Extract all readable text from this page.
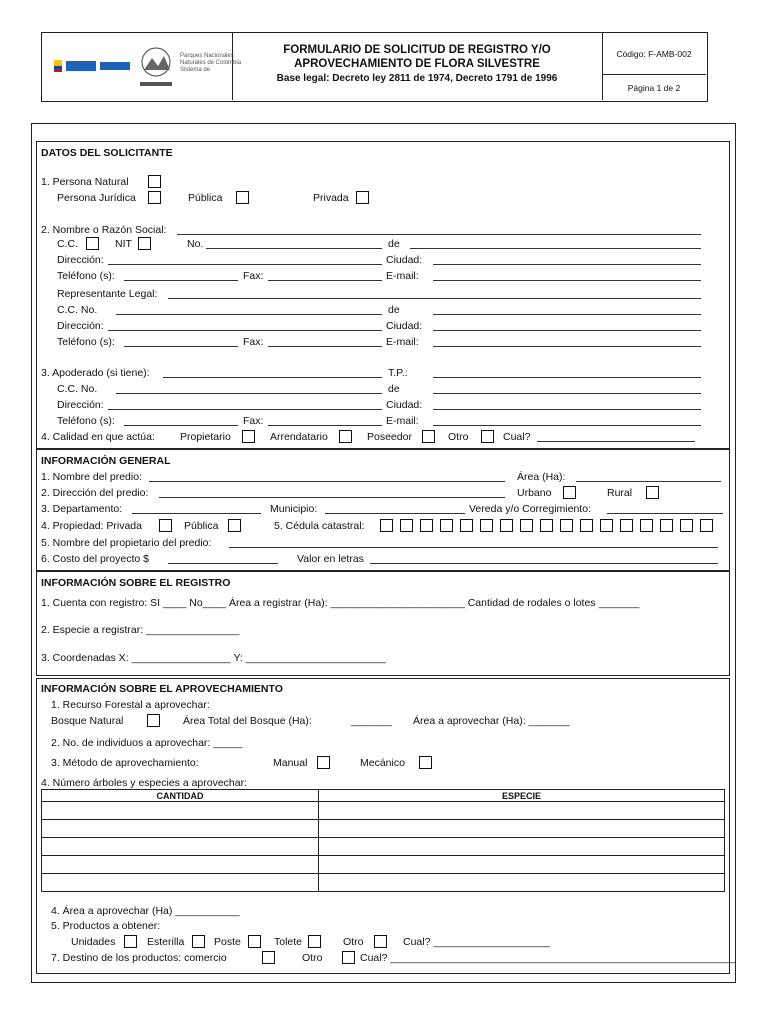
Parques Nacionales
Naturales de Colombia
Sistema de
FORMULARIO DE SOLICITUD DE REGISTRO Y/O
APROVECHAMIENTO DE FLORA SILVESTRE
Base legal: Decreto ley 2811 de 1974, Decreto 1791 de 1996
Código: F-AMB-002
Página 1 de 2
DATOS DEL SOLICITANTE
1. Persona Natural
Persona Jurídica	Pública	Privada
2. Nombre o Razón Social:
C.C.	NIT	No.	de
Dirección:	Ciudad:
Teléfono (s):	Fax:	E-mail:
Representante Legal:
C.C. No.	de
Dirección:	Ciudad:
Teléfono (s):	Fax:	E-mail:
3. Apoderado (si tiene):	T.P.:
C.C. No.	de
Dirección:	Ciudad:
Teléfono (s):	Fax:	E-mail:
4. Calidad en que actúa: Propietario	Arrendatario	Poseedor	Otro	Cual?
INFORMACIÓN GENERAL
1. Nombre del predio:	Área (Ha):
2. Dirección del predio:	Urbano	Rural
3. Departamento:	Municipio:	Vereda y/o Corregimiento:
4. Propiedad: Privada	Pública	5. Cédula catastral:
5. Nombre del propietario del predio:
6. Costo del proyecto $	Valor en letras
INFORMACIÓN SOBRE EL REGISTRO
1. Cuenta con registro: SI ____ No____ Área a registrar (Ha): _______________________ Cantidad de rodales o lotes _______
2. Especie a registrar: ________________
3. Coordenadas X: _________________ Y: ________________________
INFORMACIÓN SOBRE EL APROVECHAMIENTO
1. Recurso Forestal a aprovechar:
Bosque Natural	Área Total del Bosque (Ha):	_______ Área a aprovechar (Ha): _______
2. No. de individuos a aprovechar: _____
3. Método de aprovechamiento:	Manual	Mecánico
4. Número árboles y especies a aprovechar:
CANTIDAD	ESPECIE

4. Área a aprovechar (Ha) ___________
5. Productos a obtener:
Unidades	Esterilla	Poste	Tolete	Otro	Cual? ____________________
7. Destino de los productos: comercio	Otro	Cual? ___________________________________________________________
